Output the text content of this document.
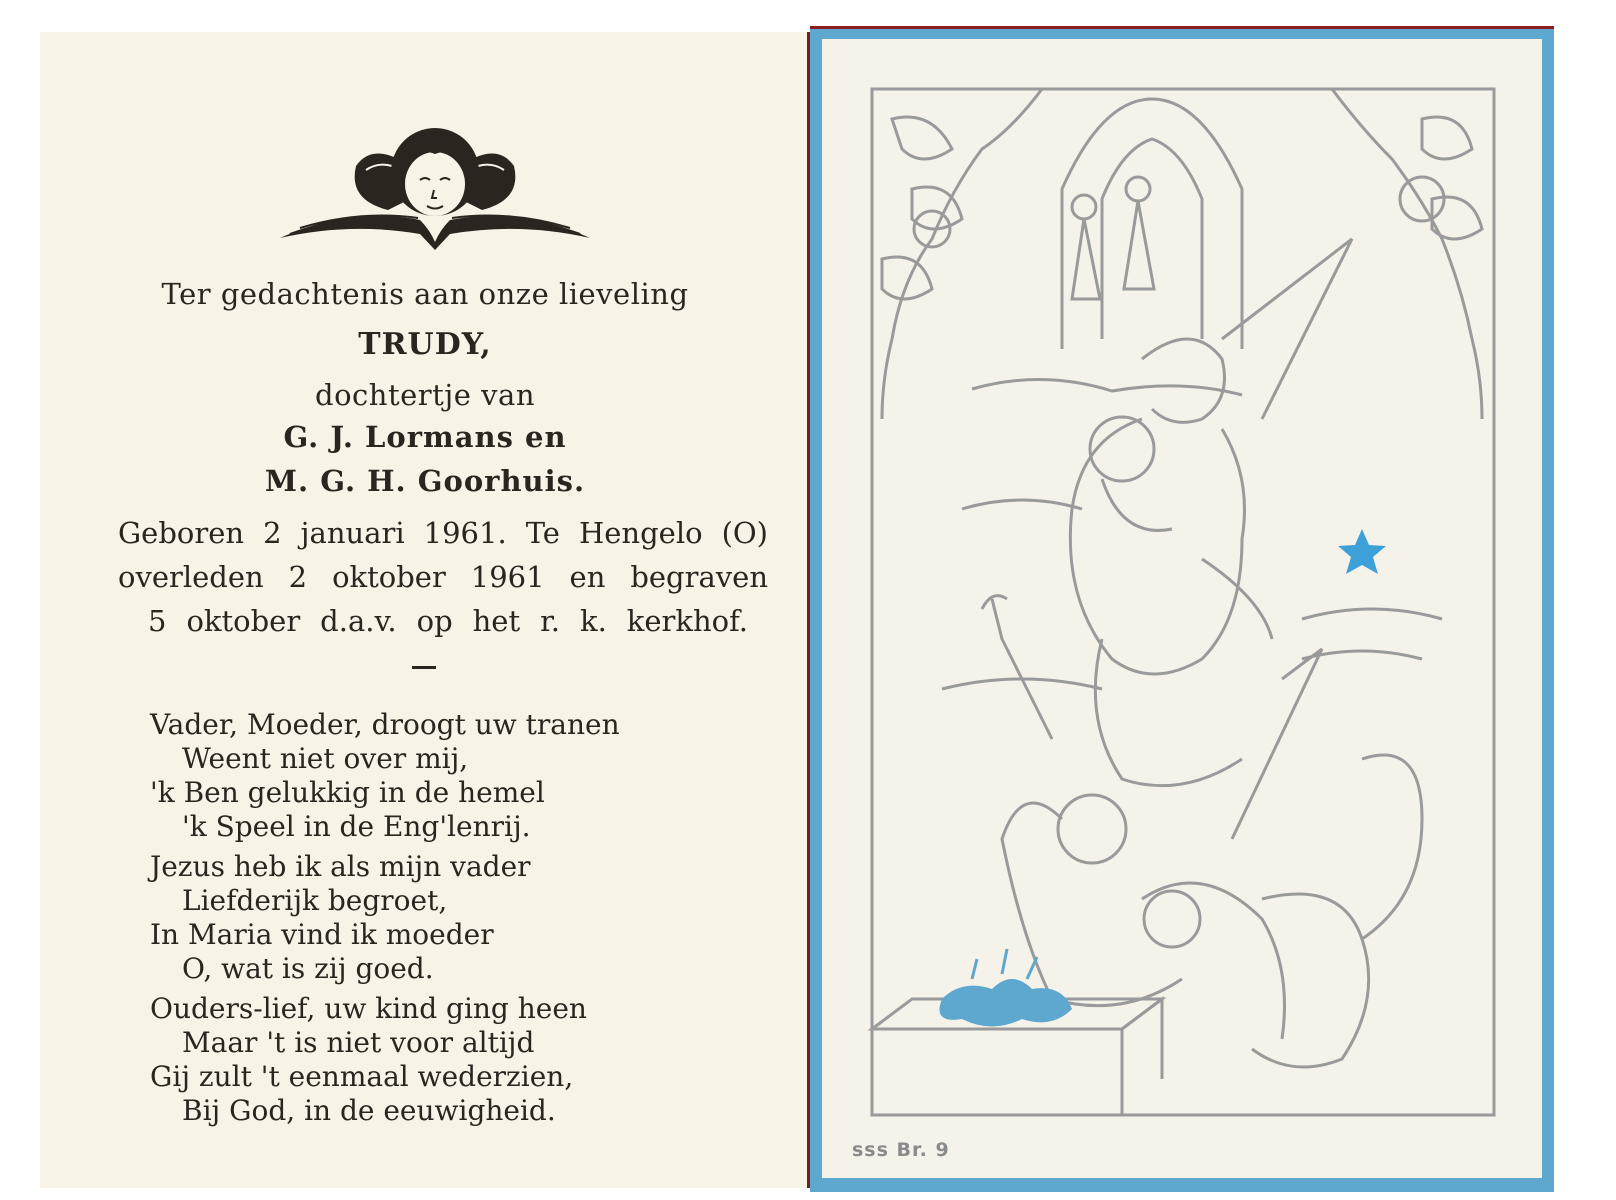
Ter gedachtenis aan onze lieveling
TRUDY,
dochtertje van
G. J. Lormans en
M. G. H. Goorhuis.
Geboren 2 januari 1961. Te Hengelo (O)
overleden 2 oktober 1961 en begraven
5 oktober d.a.v. op het r. k. kerkhof.
Vader, Moeder, droogt uw tranen
Weent niet over mij,
'k Ben gelukkig in de hemel
'k Speel in de Eng'lenrij.
Jezus heb ik als mijn vader
Liefderijk begroet,
In Maria vind ik moeder
O, wat is zij goed.
Ouders-lief, uw kind ging heen
Maar 't is niet voor altijd
Gij zult 't eenmaal wederzien,
Bij God, in de eeuwigheid.
sss Br. 9
